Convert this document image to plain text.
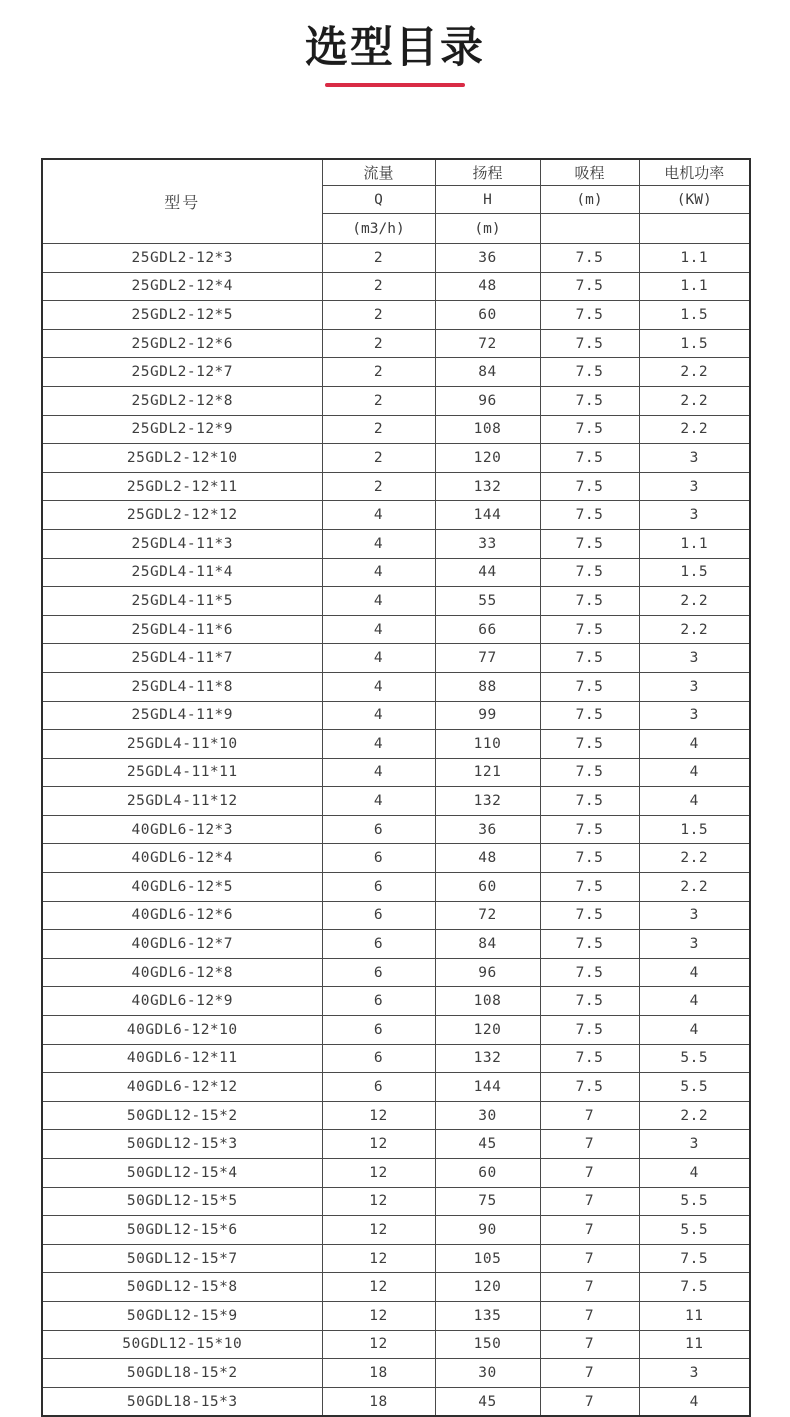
选型目录
型号	流量	扬程	吸程	电机功率
	Q	H	(m)	(KW)
	(m3/h)	(m)		
25GDL2-12*3	2	36	7.5	1.1
25GDL2-12*4	2	48	7.5	1.1
25GDL2-12*5	2	60	7.5	1.5
25GDL2-12*6	2	72	7.5	1.5
25GDL2-12*7	2	84	7.5	2.2
25GDL2-12*8	2	96	7.5	2.2
25GDL2-12*9	2	108	7.5	2.2
25GDL2-12*10	2	120	7.5	3
25GDL2-12*11	2	132	7.5	3
25GDL2-12*12	4	144	7.5	3
25GDL4-11*3	4	33	7.5	1.1
25GDL4-11*4	4	44	7.5	1.5
25GDL4-11*5	4	55	7.5	2.2
25GDL4-11*6	4	66	7.5	2.2
25GDL4-11*7	4	77	7.5	3
25GDL4-11*8	4	88	7.5	3
25GDL4-11*9	4	99	7.5	3
25GDL4-11*10	4	110	7.5	4
25GDL4-11*11	4	121	7.5	4
25GDL4-11*12	4	132	7.5	4
40GDL6-12*3	6	36	7.5	1.5
40GDL6-12*4	6	48	7.5	2.2
40GDL6-12*5	6	60	7.5	2.2
40GDL6-12*6	6	72	7.5	3
40GDL6-12*7	6	84	7.5	3
40GDL6-12*8	6	96	7.5	4
40GDL6-12*9	6	108	7.5	4
40GDL6-12*10	6	120	7.5	4
40GDL6-12*11	6	132	7.5	5.5
40GDL6-12*12	6	144	7.5	5.5
50GDL12-15*2	12	30	7	2.2
50GDL12-15*3	12	45	7	3
50GDL12-15*4	12	60	7	4
50GDL12-15*5	12	75	7	5.5
50GDL12-15*6	12	90	7	5.5
50GDL12-15*7	12	105	7	7.5
50GDL12-15*8	12	120	7	7.5
50GDL12-15*9	12	135	7	11
50GDL12-15*10	12	150	7	11
50GDL18-15*2	18	30	7	3
50GDL18-15*3	18	45	7	4
